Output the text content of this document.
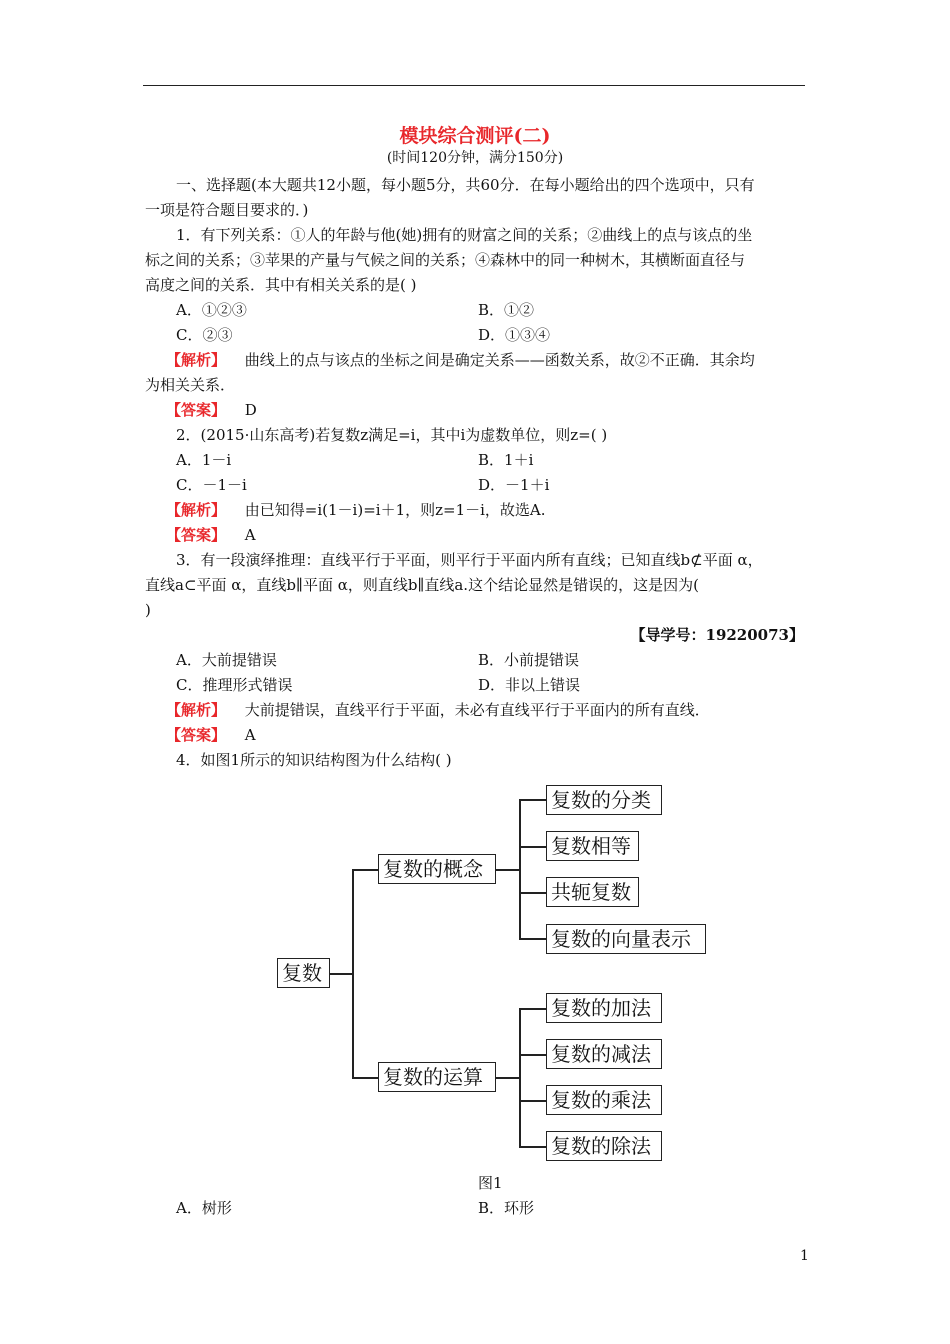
模块综合测评(二)
(时间120分钟，满分150分)
一、选择题(本大题共12小题，每小题5分，共60分．在每小题给出的四个选项中，只有
一项是符合题目要求的．)
1．有下列关系：①人的年龄与他(她)拥有的财富之间的关系；②曲线上的点与该点的坐
标之间的关系；③苹果的产量与气候之间的关系；④森林中的同一种树木，其横断面直径与
高度之间的关系．其中有相关关系的是( )
A．①②③	B．①②
C．②③	D．①③④
【解析】 曲线上的点与该点的坐标之间是确定关系——函数关系，故②不正确．其余均
为相关关系．
【答案】 D
2．(2015·山东高考)若复数z满足=i，其中i为虚数单位，则z=( )
A．1－i	B．1＋i
C．－1－i	D．－1＋i
【解析】 由已知得=i(1－i)=i＋1，则z=1－i，故选A.
【答案】 A
3．有一段演绎推理：直线平行于平面，则平行于平面内所有直线；已知直线b⊄平面 α，
直线a⊂平面 α，直线b∥平面 α，则直线b∥直线a.这个结论显然是错误的，这是因为(
)
【导学号：19220073】
A．大前提错误	B．小前提错误
C．推理形式错误	D．非以上错误
【解析】 大前提错误，直线平行于平面，未必有直线平行于平面内的所有直线．
【答案】 A
4．如图1所示的知识结构图为什么结构( )
复数
复数的概念
复数的运算
复数的分类
复数相等
共轭复数
复数的向量表示
复数的加法
复数的减法
复数的乘法
复数的除法
图1
A．树形	B．环形
1
